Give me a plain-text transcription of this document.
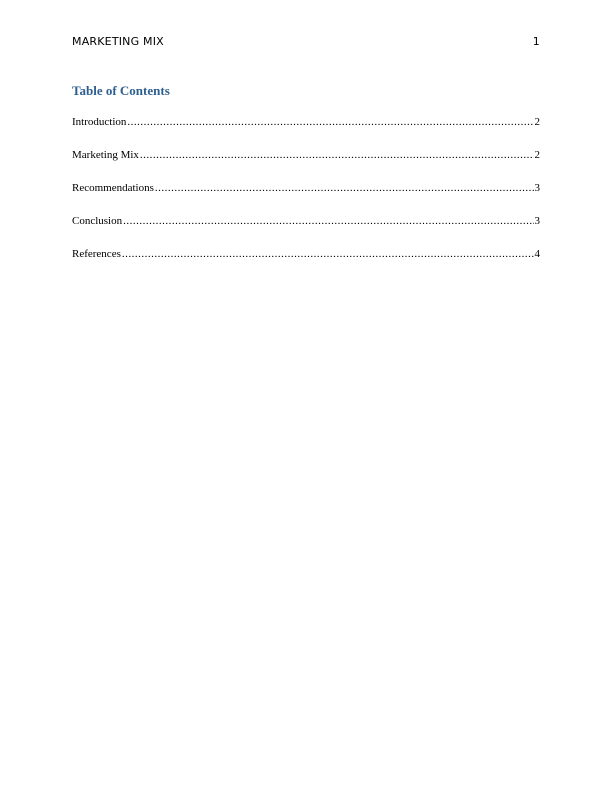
MARKETING MIX	1
Table of Contents
Introduction .....	2
Marketing Mix .....	2
Recommendations .....	3
Conclusion .....	3
References .....	4
